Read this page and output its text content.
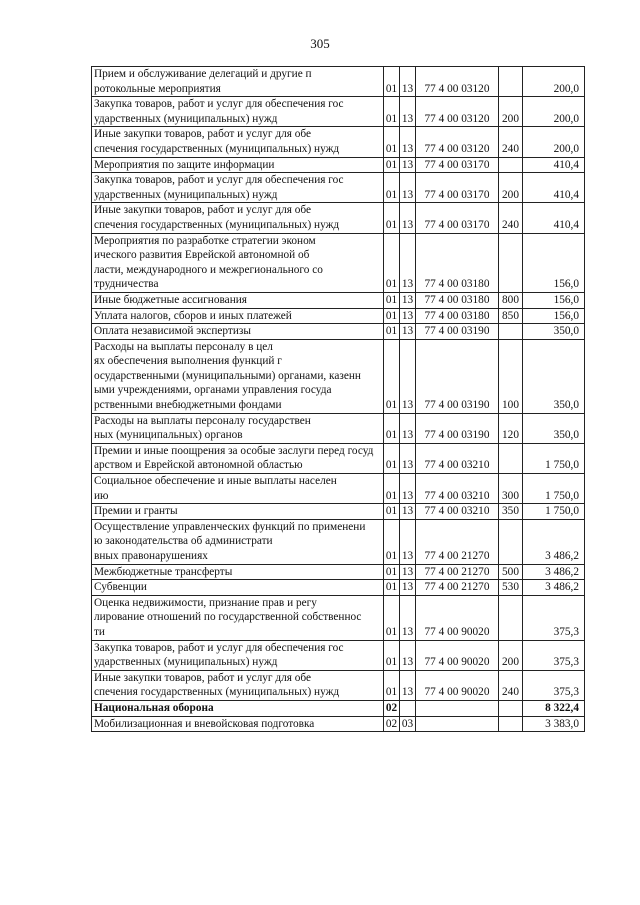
305
Прием и обслуживание делегаций и другие п
ротокольные мероприятия	01	13	77 4 00 03120		200,0

Закупка товаров, работ и услуг для обеспечения гос
ударственных (муниципальных) нужд	01	13	77 4 00 03120	200	200,0

Иные закупки товаров, работ и услуг для обе
спечения государственных (муниципальных) нужд	01	13	77 4 00 03120	240	200,0

Мероприятия по защите информации	01	13	77 4 00 03170		410,4

Закупка товаров, работ и услуг для обеспечения гос
ударственных (муниципальных) нужд	01	13	77 4 00 03170	200	410,4

Иные закупки товаров, работ и услуг для обе
спечения государственных (муниципальных) нужд	01	13	77 4 00 03170	240	410,4

Мероприятия по разработке стратегии эконом
ического развития Еврейской автономной об
ласти, международного и межрегионального со
трудничества	01	13	77 4 00 03180		156,0

Иные бюджетные ассигнования	01	13	77 4 00 03180	800	156,0

Уплата налогов, сборов и иных платежей	01	13	77 4 00 03180	850	156,0

Оплата независимой экспертизы	01	13	77 4 00 03190		350,0

Расходы на выплаты персоналу в цел
ях обеспечения выполнения функций г
осударственными (муниципальными) органами, казенн
ыми учреждениями, органами управления госуда
рственными внебюджетными фондами	01	13	77 4 00 03190	100	350,0

Расходы на выплаты персоналу государствен
ных (муниципальных) органов	01	13	77 4 00 03190	120	350,0

Премии и иные поощрения за особые заслуги перед госуд
арством и Еврейской автономной областью	01	13	77 4 00 03210		1 750,0

Социальное обеспечение и иные выплаты населен
ию	01	13	77 4 00 03210	300	1 750,0

Премии и гранты	01	13	77 4 00 03210	350	1 750,0

Осуществление управленческих функций по применени
ю законодательства об администрати
вных правонарушениях	01	13	77 4 00 21270		3 486,2

Межбюджетные трансферты	01	13	77 4 00 21270	500	3 486,2

Субвенции	01	13	77 4 00 21270	530	3 486,2

Оценка недвижимости, признание прав и регу
лирование отношений по государственной собственнос
ти	01	13	77 4 00 90020		375,3

Закупка товаров, работ и услуг для обеспечения гос
ударственных (муниципальных) нужд	01	13	77 4 00 90020	200	375,3

Иные закупки товаров, работ и услуг для обе
спечения государственных (муниципальных) нужд	01	13	77 4 00 90020	240	375,3

Национальная оборона	02				8 322,4

Мобилизационная и вневойсковая подготовка	02	03			3 383,0
